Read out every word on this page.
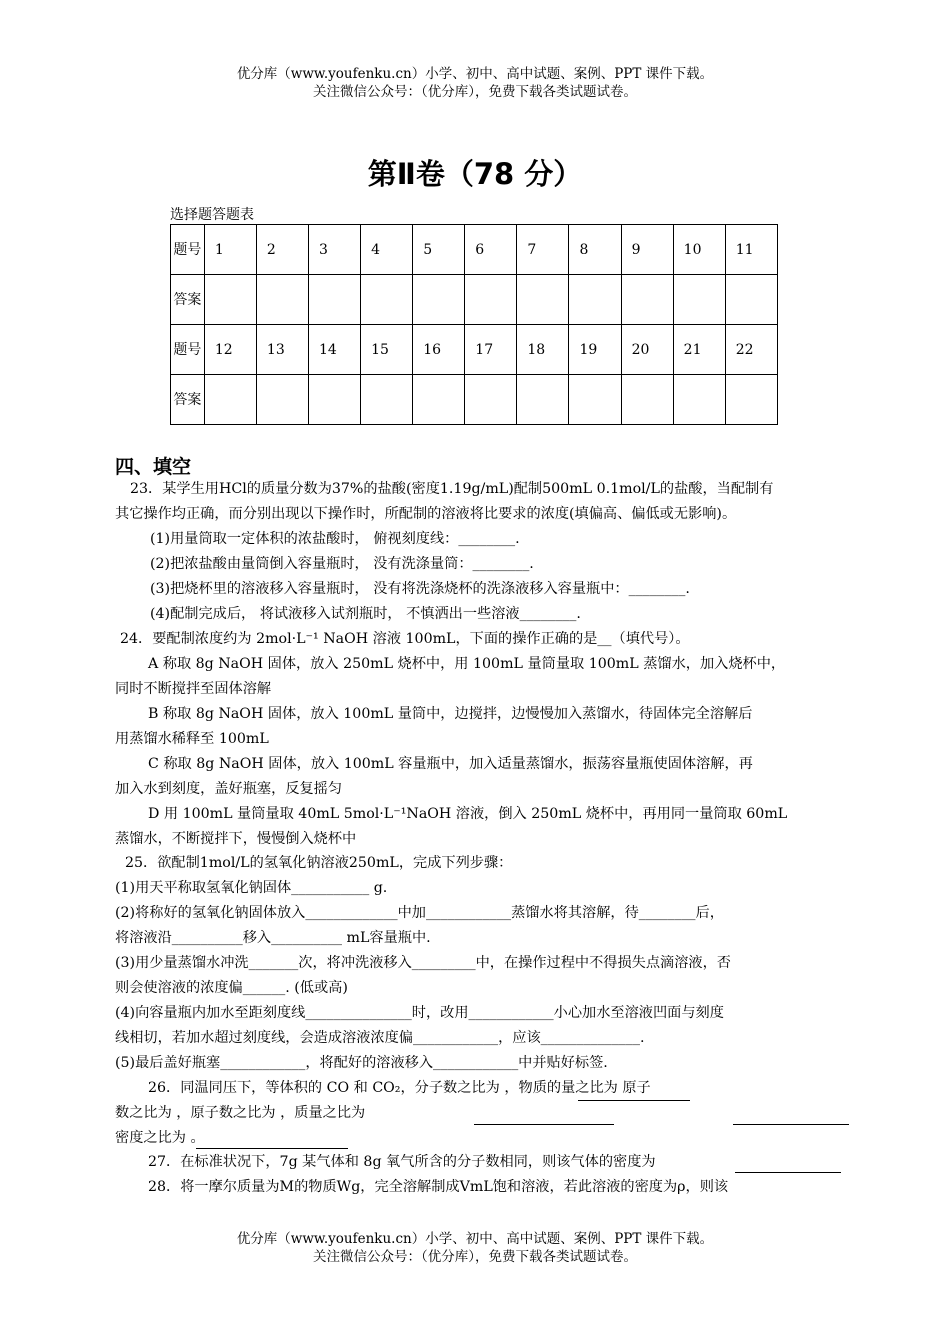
优分库（www.youfenku.cn）小学、初中、高中试题、案例、PPT 课件下载。
关注微信公众号：（优分库），免费下载各类试题试卷。
第Ⅱ卷（78 分）
选择题答题表
题号	1	2	3	4	5	6	7	8	9	10	11
答案											
题号	12	13	14	15	16	17	18	19	20	21	22
答案											
四、填空
23．某学生用HCl的质量分数为37%的盐酸(密度1.19g/mL)配制500mL 0.1mol/L的盐酸，当配制有
其它操作均正确，而分别出现以下操作时，所配制的溶液将比要求的浓度(填偏高、偏低或无影响)。
(1)用量筒取一定体积的浓盐酸时， 俯视刻度线：________.
(2)把浓盐酸由量筒倒入容量瓶时， 没有洗涤量筒：________.
(3)把烧杯里的溶液移入容量瓶时， 没有将洗涤烧杯的洗涤液移入容量瓶中：________.
(4)配制完成后， 将试液移入试剂瓶时， 不慎洒出一些溶液________.
24．要配制浓度约为 2mol·L⁻¹ NaOH 溶液 100mL，下面的操作正确的是__（填代号）。
A 称取 8g NaOH 固体，放入 250mL 烧杯中，用 100mL 量筒量取 100mL 蒸馏水，加入烧杯中，
同时不断搅拌至固体溶解
B 称取 8g NaOH 固体，放入 100mL 量筒中，边搅拌，边慢慢加入蒸馏水，待固体完全溶解后
用蒸馏水稀释至 100mL
C 称取 8g NaOH 固体，放入 100mL 容量瓶中，加入适量蒸馏水，振荡容量瓶使固体溶解，再
加入水到刻度，盖好瓶塞，反复摇匀
D 用 100mL 量筒量取 40mL 5mol·L⁻¹NaOH 溶液，倒入 250mL 烧杯中，再用同一量筒取 60mL
蒸馏水，不断搅拌下，慢慢倒入烧杯中
25．欲配制1mol/L的氢氧化钠溶液250mL，完成下列步骤：
(1)用天平称取氢氧化钠固体___________ g.
(2)将称好的氢氧化钠固体放入_____________中加____________蒸馏水将其溶解，待________后，
将溶液沿__________移入__________ mL容量瓶中.
(3)用少量蒸馏水冲洗_______次，将冲洗液移入_________中，在操作过程中不得损失点滴溶液，否
则会使溶液的浓度偏______. (低或高)
(4)向容量瓶内加水至距刻度线_______________时，改用____________小心加水至溶液凹面与刻度
线相切，若加水超过刻度线，会造成溶液浓度偏____________，应该______________.
(5)最后盖好瓶塞____________，将配好的溶液移入____________中并贴好标签.
26．同温同压下，等体积的 CO 和 CO₂，分子数之比为 ，物质的量之比为 原子
数之比为 ，原子数之比为 ，质量之比为
密度之比为 。
27．在标准状况下，7g 某气体和 8g 氧气所含的分子数相同，则该气体的密度为
28．将一摩尔质量为M的物质Wg，完全溶解制成VmL饱和溶液，若此溶液的密度为ρ，则该
优分库（www.youfenku.cn）小学、初中、高中试题、案例、PPT 课件下载。
关注微信公众号：（优分库），免费下载各类试题试卷。
